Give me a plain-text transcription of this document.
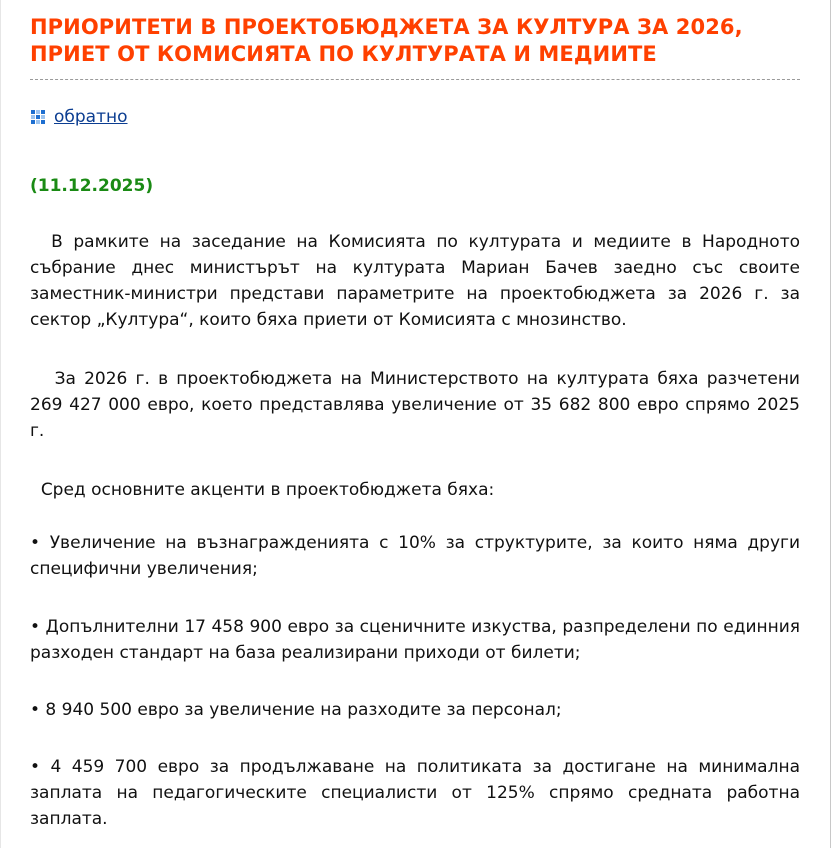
ПРИОРИТЕТИ В ПРОЕКТОБЮДЖЕТА ЗА КУЛТУРА ЗА 2026, ПРИЕТ ОТ КОМИСИЯТА ПО КУЛТУРАТА И МЕДИИТЕ
обратно
(11.12.2025)

В рамките на заседание на Комисията по културата и медиите в Народното събрание днес министърът на културата Мариан Бачев заедно със своите заместник-министри представи параметрите на проектобюджета за 2026 г. за сектор „Култура“, които бяха приети от Комисията с мнозинство.

За 2026 г. в проектобюджета на Министерството на културата бяха разчетени 269 427 000 евро, което представлява увеличение от 35 682 800 евро спрямо 2025 г.

Сред основните акценти в проектобюджета бяха:

• Увеличение на възнагражденията с 10% за структурите, за които няма други специфични увеличения;

• Допълнителни 17 458 900 евро за сценичните изкуства, разпределени по единния разходен стандарт на база реализирани приходи от билети;

• 8 940 500 евро за увеличение на разходите за персонал;

• 4 459 700 евро за продължаване на политиката за достигане на минимална заплата на педагогическите специалисти от 125% спрямо средната работна заплата.
